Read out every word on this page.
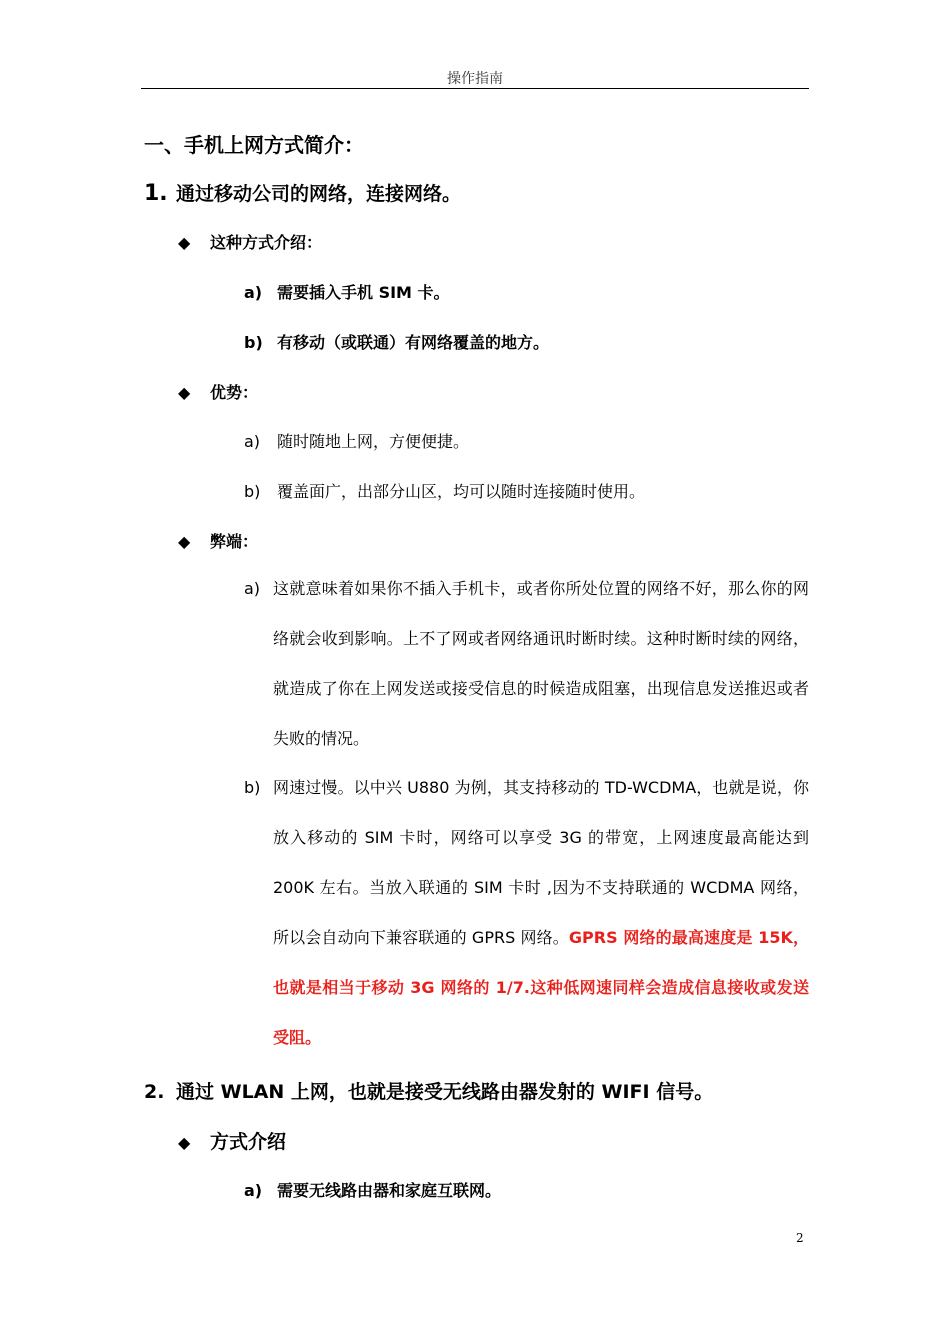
操作指南
一、手机上网方式简介：
1. 通过移动公司的网络，连接网络。
◆ 这种方式介绍：
a) 需要插入手机 SIM 卡。
b) 有移动（或联通）有网络覆盖的地方。
◆ 优势：
a) 随时随地上网，方便便捷。
b) 覆盖面广，出部分山区，均可以随时连接随时使用。
◆ 弊端：
a) 这就意味着如果你不插入手机卡，或者你所处位置的网络不好，那么你的网络就会收到影响。上不了网或者网络通讯时断时续。这种时断时续的网络，就造成了你在上网发送或接受信息的时候造成阻塞，出现信息发送推迟或者失败的情况。
b) 网速过慢。以中兴 U880 为例，其支持移动的 TD-WCDMA，也就是说，你放入移动的 SIM 卡时，网络可以享受 3G 的带宽，上网速度最高能达到 200K 左右。当放入联通的 SIM 卡时 ,因为不支持联通的 WCDMA 网络，所以会自动向下兼容联通的 GPRS 网络。GPRS 网络的最高速度是 15K，也就是相当于移动 3G 网络的 1/7.这种低网速同样会造成信息接收或发送受阻。
2. 通过 WLAN 上网，也就是接受无线路由器发射的 WIFI 信号。
◆ 方式介绍
a) 需要无线路由器和家庭互联网。
2
